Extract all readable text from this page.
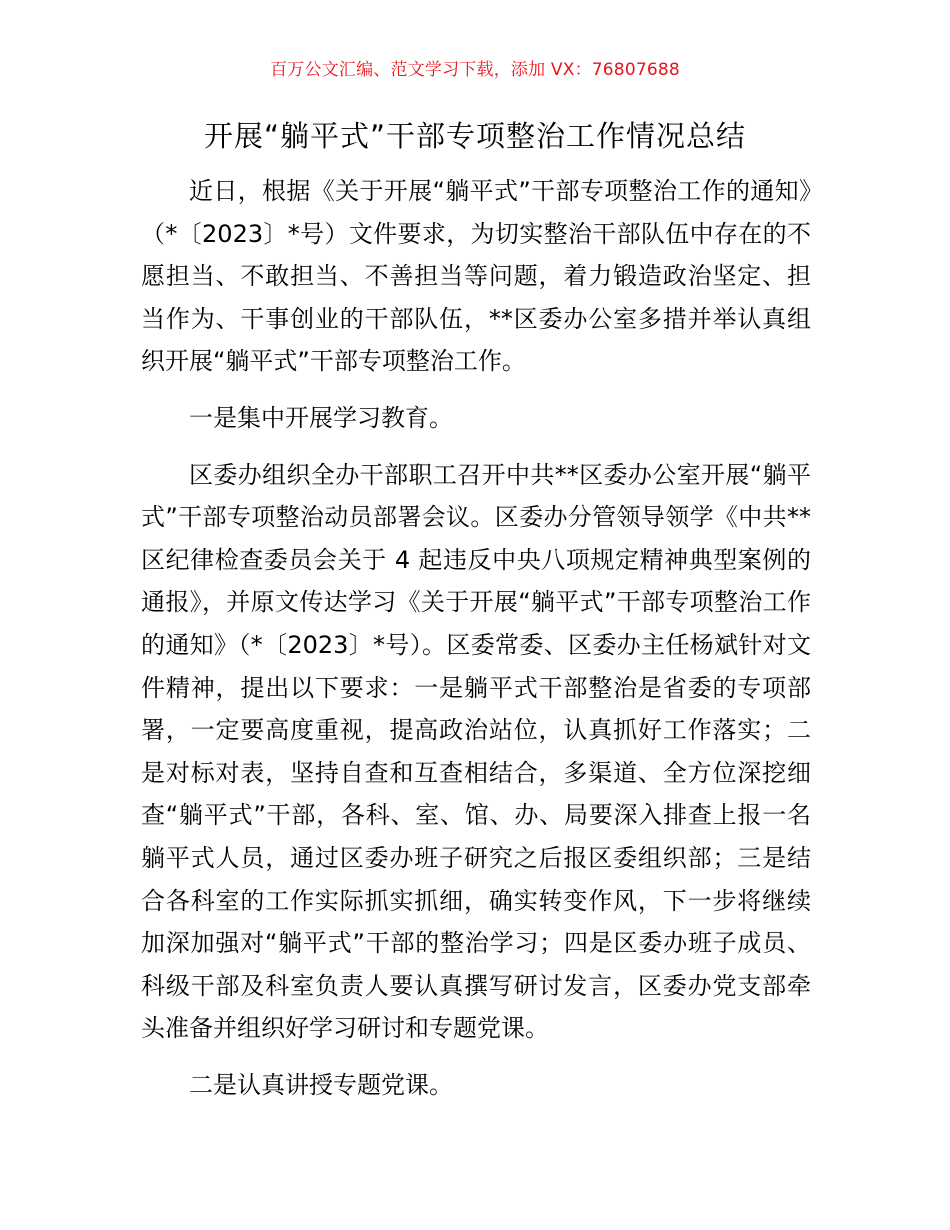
百万公文汇编、范文学习下载，添加 VX：76807688
开展“躺平式”干部专项整治工作情况总结

近日，根据《关于开展“躺平式”干部专项整治工作的通知》（*〔2023〕*号）文件要求，为切实整治干部队伍中存在的不愿担当、不敢担当、不善担当等问题，着力锻造政治坚定、担当作为、干事创业的干部队伍，**区委办公室多措并举认真组织开展“躺平式”干部专项整治工作。

一是集中开展学习教育。

区委办组织全办干部职工召开中共**区委办公室开展“躺平式”干部专项整治动员部署会议。区委办分管领导领学《中共**区纪律检查委员会关于 4 起违反中央八项规定精神典型案例的通报》，并原文传达学习《关于开展“躺平式”干部专项整治工作的通知》（*〔2023〕*号）。区委常委、区委办主任杨斌针对文件精神，提出以下要求：一是躺平式干部整治是省委的专项部署，一定要高度重视，提高政治站位，认真抓好工作落实；二是对标对表，坚持自查和互查相结合，多渠道、全方位深挖细查“躺平式”干部，各科、室、馆、办、局要深入排查上报一名躺平式人员，通过区委办班子研究之后报区委组织部；三是结合各科室的工作实际抓实抓细，确实转变作风，下一步将继续加深加强对“躺平式”干部的整治学习；四是区委办班子成员、科级干部及科室负责人要认真撰写研讨发言，区委办党支部牵头准备并组织好学习研讨和专题党课。

二是认真讲授专题党课。
